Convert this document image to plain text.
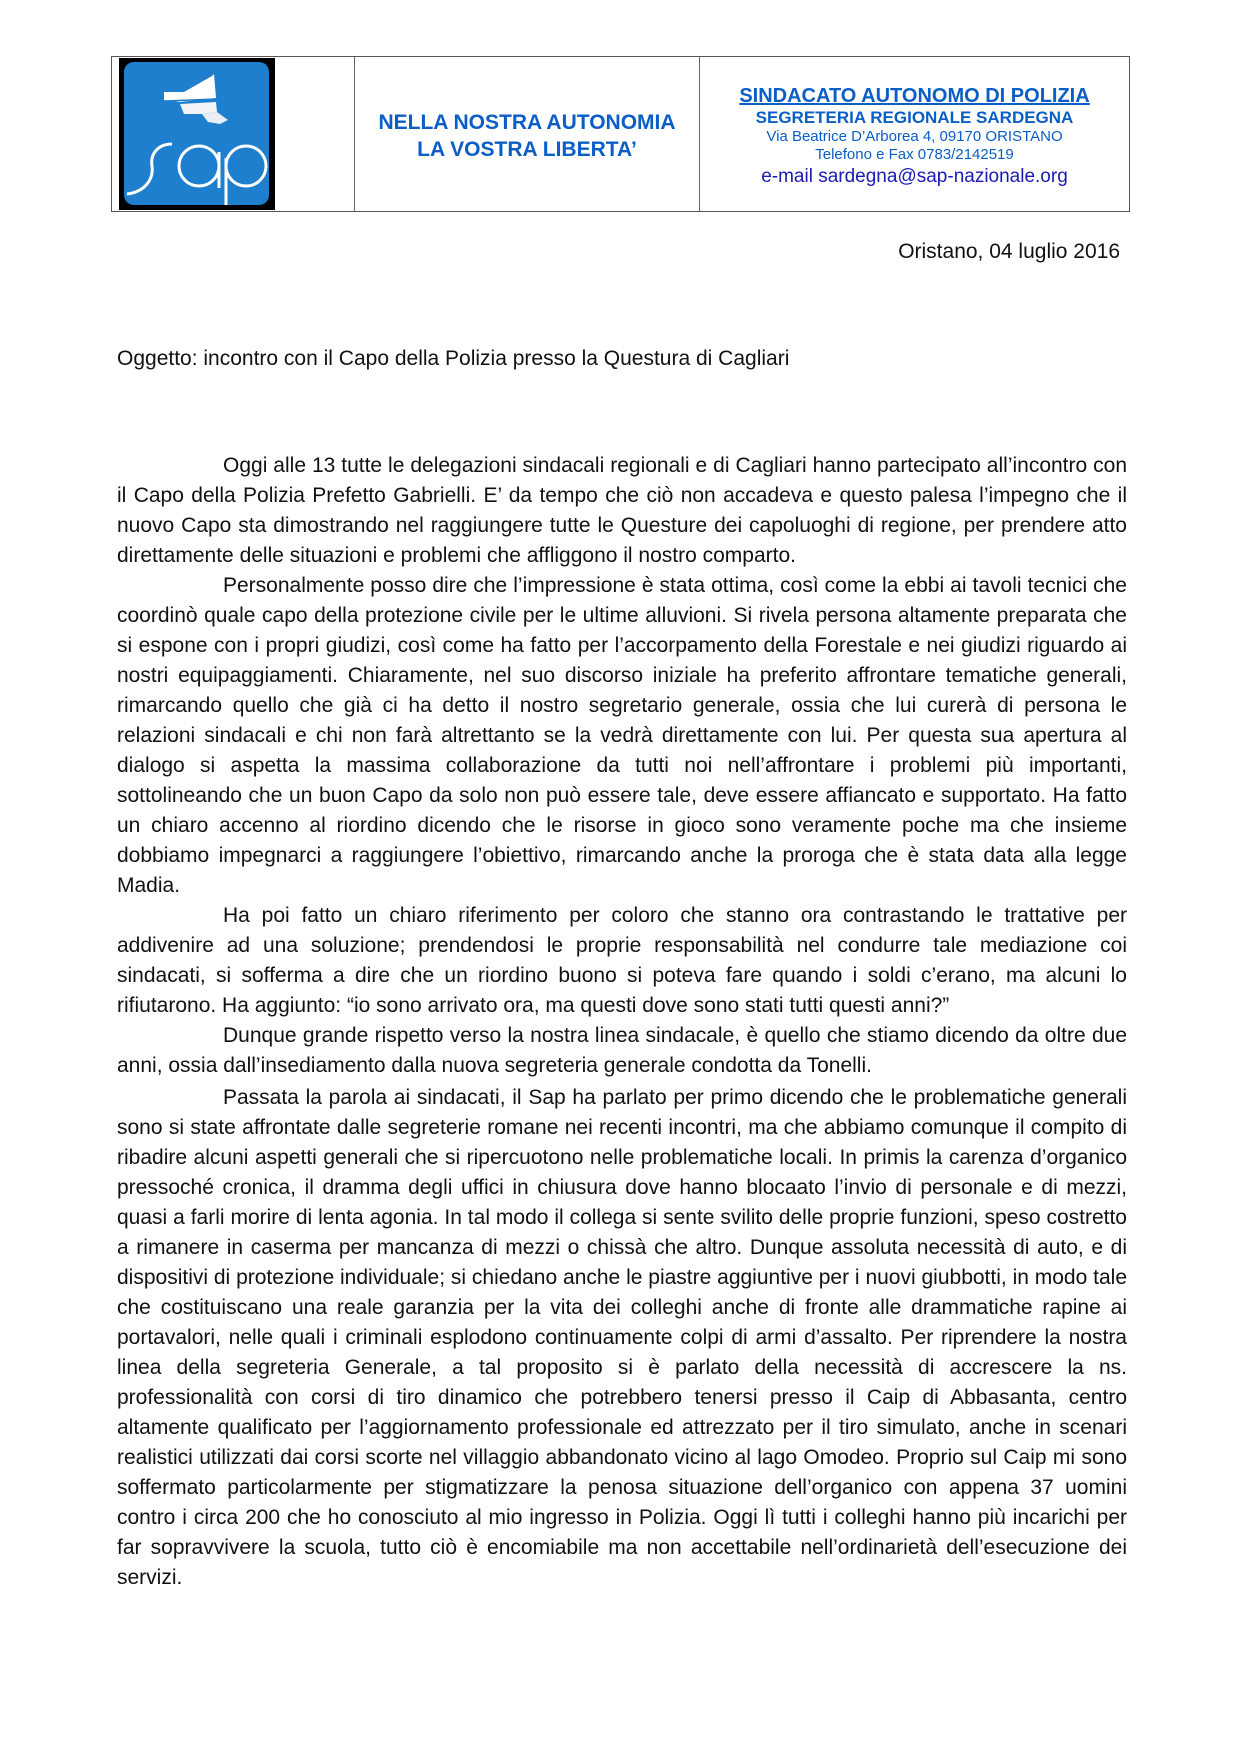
NELLA NOSTRA AUTONOMIA
LA VOSTRA LIBERTA’
SINDACATO AUTONOMO DI POLIZIA
SEGRETERIA REGIONALE SARDEGNA
Via Beatrice D’Arborea 4, 09170 ORISTANO
Telefono e Fax 0783/2142519
e-mail sardegna@sap-nazionale.org
Oristano, 04 luglio 2016
Oggetto: incontro con il Capo della Polizia presso la Questura di Cagliari

Oggi alle 13 tutte le delegazioni sindacali regionali e di Cagliari hanno partecipato all’incontro con il Capo della Polizia Prefetto Gabrielli. E’ da tempo che ciò non accadeva e questo palesa l’impegno che il nuovo Capo sta dimostrando nel raggiungere tutte le Questure dei capoluoghi di regione, per prendere atto direttamente delle situazioni e problemi che affliggono il nostro comparto.

Personalmente posso dire che l’impressione è stata ottima, così come la ebbi ai tavoli tecnici che coordinò quale capo della protezione civile per le ultime alluvioni. Si rivela persona altamente preparata che si espone con i propri giudizi, così come ha fatto per l’accorpamento della Forestale e nei giudizi riguardo ai nostri equipaggiamenti. Chiaramente, nel suo discorso iniziale ha preferito affrontare tematiche generali, rimarcando quello che già ci ha detto il nostro segretario generale, ossia che lui curerà di persona le relazioni sindacali e chi non farà altrettanto se la vedrà direttamente con lui. Per questa sua apertura al dialogo si aspetta la massima collaborazione da tutti noi nell’affrontare i problemi più importanti, sottolineando che un buon Capo da solo non può essere tale, deve essere affiancato e supportato. Ha fatto un chiaro accenno al riordino dicendo che le risorse in gioco sono veramente poche ma che insieme dobbiamo impegnarci a raggiungere l’obiettivo, rimarcando anche la proroga che è stata data alla legge Madia.

Ha poi fatto un chiaro riferimento per coloro che stanno ora contrastando le trattative per addivenire ad una soluzione; prendendosi le proprie responsabilità nel condurre tale mediazione coi sindacati, si sofferma a dire che un riordino buono si poteva fare quando i soldi c’erano, ma alcuni lo rifiutarono. Ha aggiunto: “io sono arrivato ora, ma questi dove sono stati tutti questi anni?”

Dunque grande rispetto verso la nostra linea sindacale, è quello che stiamo dicendo da oltre due anni, ossia dall’insediamento dalla nuova segreteria generale condotta da Tonelli.

Passata la parola ai sindacati, il Sap ha parlato per primo dicendo che le problematiche generali sono si state affrontate dalle segreterie romane nei recenti incontri, ma che abbiamo comunque il compito di ribadire alcuni aspetti generali che si ripercuotono nelle problematiche locali. In primis la carenza d’organico pressoché cronica, il dramma degli uffici in chiusura dove hanno blocaato l’invio di personale e di mezzi, quasi a farli morire di lenta agonia. In tal modo il collega si sente svilito delle proprie funzioni, speso costretto a rimanere in caserma per mancanza di mezzi o chissà che altro. Dunque assoluta necessità di auto, e di dispositivi di protezione individuale; si chiedano anche le piastre aggiuntive per i nuovi giubbotti, in modo tale che costituiscano una reale garanzia per la vita dei colleghi anche di fronte alle drammatiche rapine ai portavalori, nelle quali i criminali esplodono continuamente colpi di armi d’assalto. Per riprendere la nostra linea della segreteria Generale, a tal proposito si è parlato della necessità di accrescere la ns. professionalità con corsi di tiro dinamico che potrebbero tenersi presso il Caip di Abbasanta, centro altamente qualificato per l’aggiornamento professionale ed attrezzato per il tiro simulato, anche in scenari realistici utilizzati dai corsi scorte nel villaggio abbandonato vicino al lago Omodeo. Proprio sul Caip mi sono soffermato particolarmente per stigmatizzare la penosa situazione dell’organico con appena 37 uomini contro i circa 200 che ho conosciuto al mio ingresso in Polizia. Oggi lì tutti i colleghi hanno più incarichi per far sopravvivere la scuola, tutto ciò è encomiabile ma non accettabile nell’ordinarietà dell’esecuzione dei servizi.
